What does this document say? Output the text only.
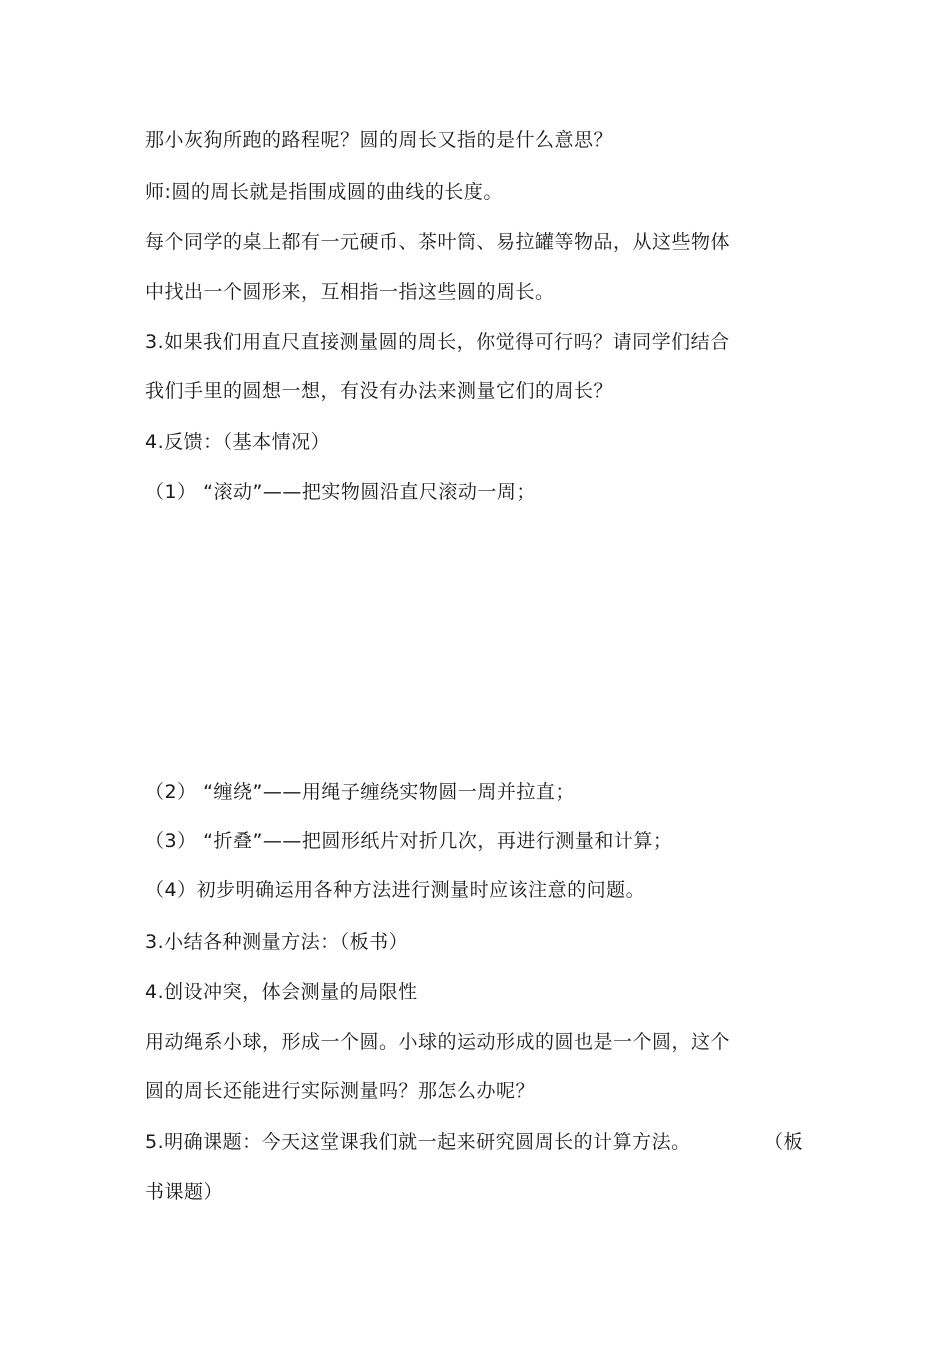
那小灰狗所跑的路程呢？圆的周长又指的是什么意思？
师:圆的周长就是指围成圆的曲线的长度。
每个同学的桌上都有一元硬币、茶叶筒、易拉罐等物品，从这些物体
中找出一个圆形来，互相指一指这些圆的周长。
3.如果我们用直尺直接测量圆的周长，你觉得可行吗？请同学们结合
我们手里的圆想一想，有没有办法来测量它们的周长？
4.反馈：（基本情况）
（1） “滚动”——把实物圆沿直尺滚动一周；
（2） “缠绕”——用绳子缠绕实物圆一周并拉直；
（3） “折叠”——把圆形纸片对折几次，再进行测量和计算；
（4）初步明确运用各种方法进行测量时应该注意的问题。
3.小结各种测量方法：（板书）
4.创设冲突，体会测量的局限性
用动绳系小球，形成一个圆。小球的运动形成的圆也是一个圆，这个
圆的周长还能进行实际测量吗？那怎么办呢？
5.明确课题：今天这堂课我们就一起来研究圆周长的计算方法。	（板
书课题）
